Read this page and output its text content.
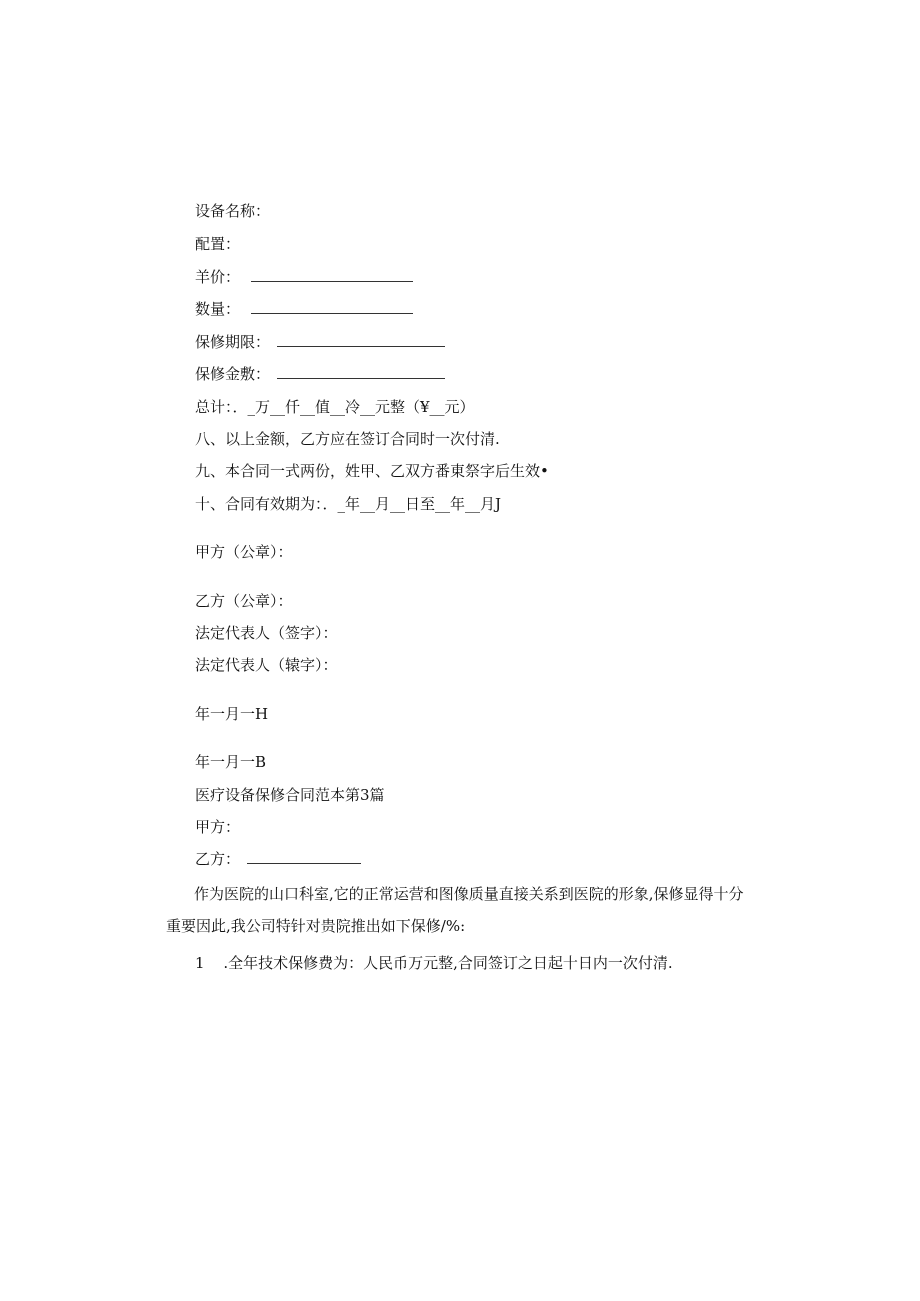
设备名称：
配置：
羊价：
数量：
保修期限：
保修金敷：
总计：．_万__仟__值__冷__元整（¥__元）
八、以上金额，乙方应在签订合同时一次付清.
九、本合同一式两份，姓甲、乙双方番東祭字后生效•
十、合同有效期为：．_年__月__日至__年__月J
甲方（公章）：
乙方（公章）：
法定代表人（签字）：
法定代表人（辕字）：
年一月一H
年一月一B
医疗设备保修合同范本第3篇
甲方：
乙方：
作为医院的山口科室,它的正常运营和图像质量直接关系到医院的形象,保修显得十分重要因此,我公司特针对贵院推出如下保修/%:
1 .全年技术保修费为：人民币万元整,合同签订之日起十日内一次付清.
